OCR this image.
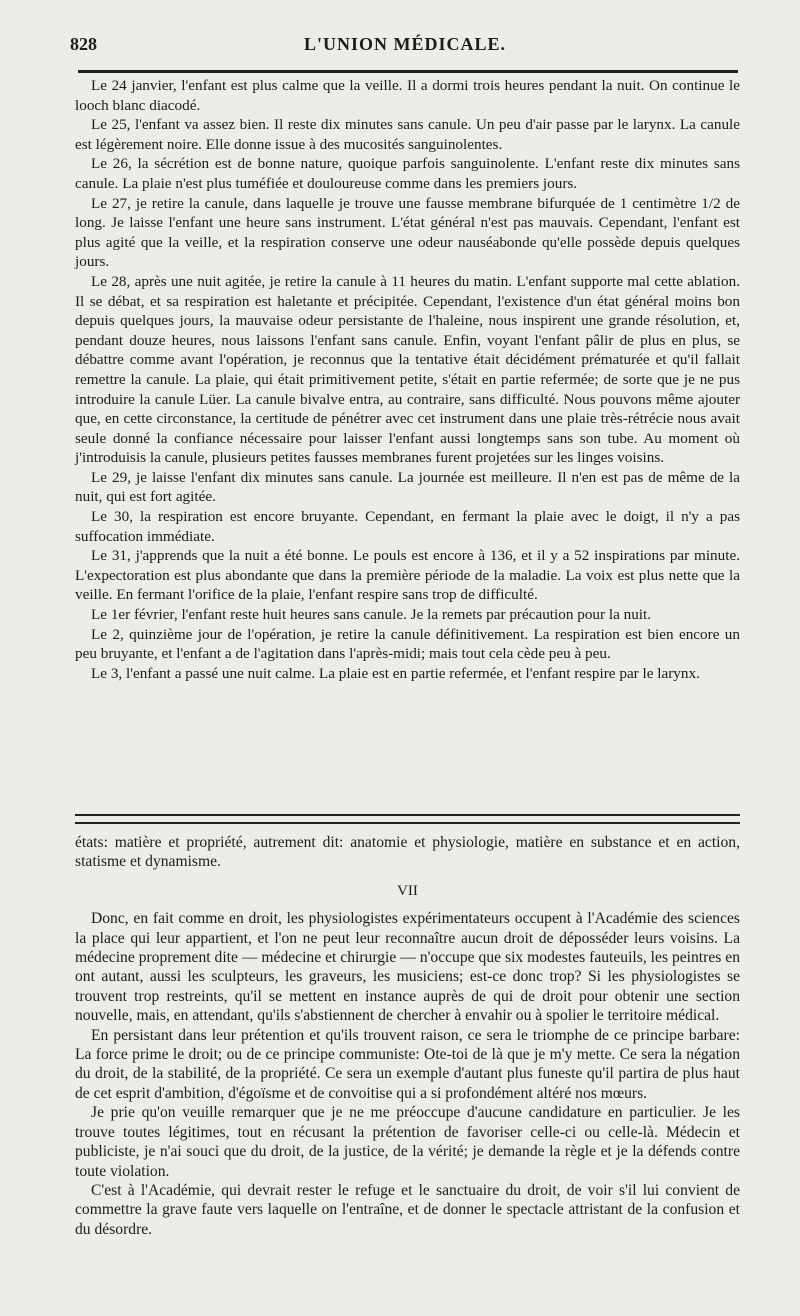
828	L'UNION MÉDICALE.

Le 24 janvier, l'enfant est plus calme que la veille. Il a dormi trois heures pendant la nuit. On continue le looch blanc diacodé.

Le 25, l'enfant va assez bien. Il reste dix minutes sans canule. Un peu d'air passe par le larynx. La canule est légèrement noire. Elle donne issue à des mucosités sanguinolentes.

Le 26, la sécrétion est de bonne nature, quoique parfois sanguinolente. L'enfant reste dix minutes sans canule. La plaie n'est plus tuméfiée et douloureuse comme dans les premiers jours.

Le 27, je retire la canule, dans laquelle je trouve une fausse membrane bifurquée de 1 centimètre 1/2 de long. Je laisse l'enfant une heure sans instrument. L'état général n'est pas mauvais. Cependant, l'enfant est plus agité que la veille, et la respiration conserve une odeur nauséabonde qu'elle possède depuis quelques jours.

Le 28, après une nuit agitée, je retire la canule à 11 heures du matin. L'enfant supporte mal cette ablation. Il se débat, et sa respiration est haletante et précipitée. Cependant, l'existence d'un état général moins bon depuis quelques jours, la mauvaise odeur persistante de l'haleine, nous inspirent une grande résolution, et, pendant douze heures, nous laissons l'enfant sans canule. Enfin, voyant l'enfant pâlir de plus en plus, se débattre comme avant l'opération, je reconnus que la tentative était décidément prématurée et qu'il fallait remettre la canule. La plaie, qui était primitivement petite, s'était en partie refermée; de sorte que je ne pus introduire la canule Lüer. La canule bivalve entra, au contraire, sans difficulté. Nous pouvons même ajouter que, en cette circonstance, la certitude de pénétrer avec cet instrument dans une plaie très-rétrécie nous avait seule donné la confiance nécessaire pour laisser l'enfant aussi longtemps sans son tube. Au moment où j'introduisis la canule, plusieurs petites fausses membranes furent projetées sur les linges voisins.

Le 29, je laisse l'enfant dix minutes sans canule. La journée est meilleure. Il n'en est pas de même de la nuit, qui est fort agitée.

Le 30, la respiration est encore bruyante. Cependant, en fermant la plaie avec le doigt, il n'y a pas suffocation immédiate.

Le 31, j'apprends que la nuit a été bonne. Le pouls est encore à 136, et il y a 52 inspirations par minute. L'expectoration est plus abondante que dans la première période de la maladie. La voix est plus nette que la veille. En fermant l'orifice de la plaie, l'enfant respire sans trop de difficulté.

Le 1er février, l'enfant reste huit heures sans canule. Je la remets par précaution pour la nuit.

Le 2, quinzième jour de l'opération, je retire la canule définitivement. La respiration est bien encore un peu bruyante, et l'enfant a de l'agitation dans l'après-midi; mais tout cela cède peu à peu.

Le 3, l'enfant a passé une nuit calme. La plaie est en partie refermée, et l'enfant respire par le larynx.

états: matière et propriété, autrement dit: anatomie et physiologie, matière en substance et en action, statisme et dynamisme.

VII

Donc, en fait comme en droit, les physiologistes expérimentateurs occupent à l'Académie des sciences la place qui leur appartient, et l'on ne peut leur reconnaître aucun droit de déposséder leurs voisins. La médecine proprement dite — médecine et chirurgie — n'occupe que six modestes fauteuils, les peintres en ont autant, aussi les sculpteurs, les graveurs, les musiciens; est-ce donc trop? Si les physiologistes se trouvent trop restreints, qu'il se mettent en instance auprès de qui de droit pour obtenir une section nouvelle, mais, en attendant, qu'ils s'abstiennent de chercher à envahir ou à spolier le territoire médical.

En persistant dans leur prétention et qu'ils trouvent raison, ce sera le triomphe de ce principe barbare: La force prime le droit; ou de ce principe communiste: Ote-toi de là que je m'y mette. Ce sera la négation du droit, de la stabilité, de la propriété. Ce sera un exemple d'autant plus funeste qu'il partira de plus haut de cet esprit d'ambition, d'égoïsme et de convoitise qui a si profondément altéré nos mœurs.

Je prie qu'on veuille remarquer que je ne me préoccupe d'aucune candidature en particulier. Je les trouve toutes légitimes, tout en récusant la prétention de favoriser celle-ci ou celle-là. Médecin et publiciste, je n'ai souci que du droit, de la justice, de la vérité; je demande la règle et je la défends contre toute violation.

C'est à l'Académie, qui devrait rester le refuge et le sanctuaire du droit, de voir s'il lui convient de commettre la grave faute vers laquelle on l'entraîne, et de donner le spectacle attristant de la confusion et du désordre.
